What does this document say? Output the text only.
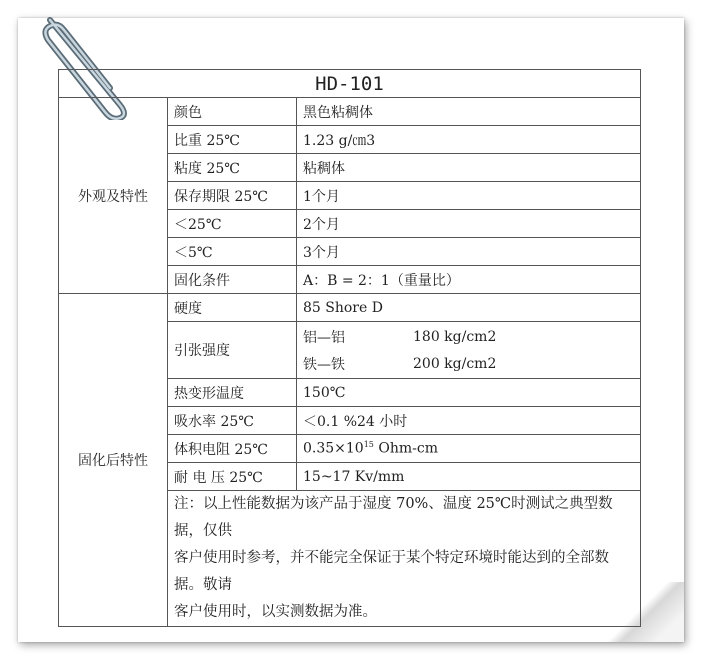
HD-101		
外观及特性	颜色	黑色粘稠体
	比重 25℃	1.23 g/㎝3
	粘度 25℃	粘稠体
	保存期限 25℃	1个月
	＜25℃	2个月
	＜5℃	3个月
	固化条件	A：B = 2：1（重量比）
固化后特性	硬度	85 Shore D
	引张强度	铝—铝 180 kg/cm2
铁—铁 200 kg/cm2

	热变形温度	150℃
	吸水率 25℃	＜0.1 %24 小时
	体积电阻 25℃	$0.35\times 10^{15}$ Ohm-cm
	耐 电 压 25℃	15~17 Kv/mm

	注：以上性能数据为该产品于湿度 70%、温度 25℃时测试之典型数据，仅供
客户使用时参考，并不能完全保证于某个特定环境时能达到的全部数据。敬请
客户使用时，以实测数据为准。	
